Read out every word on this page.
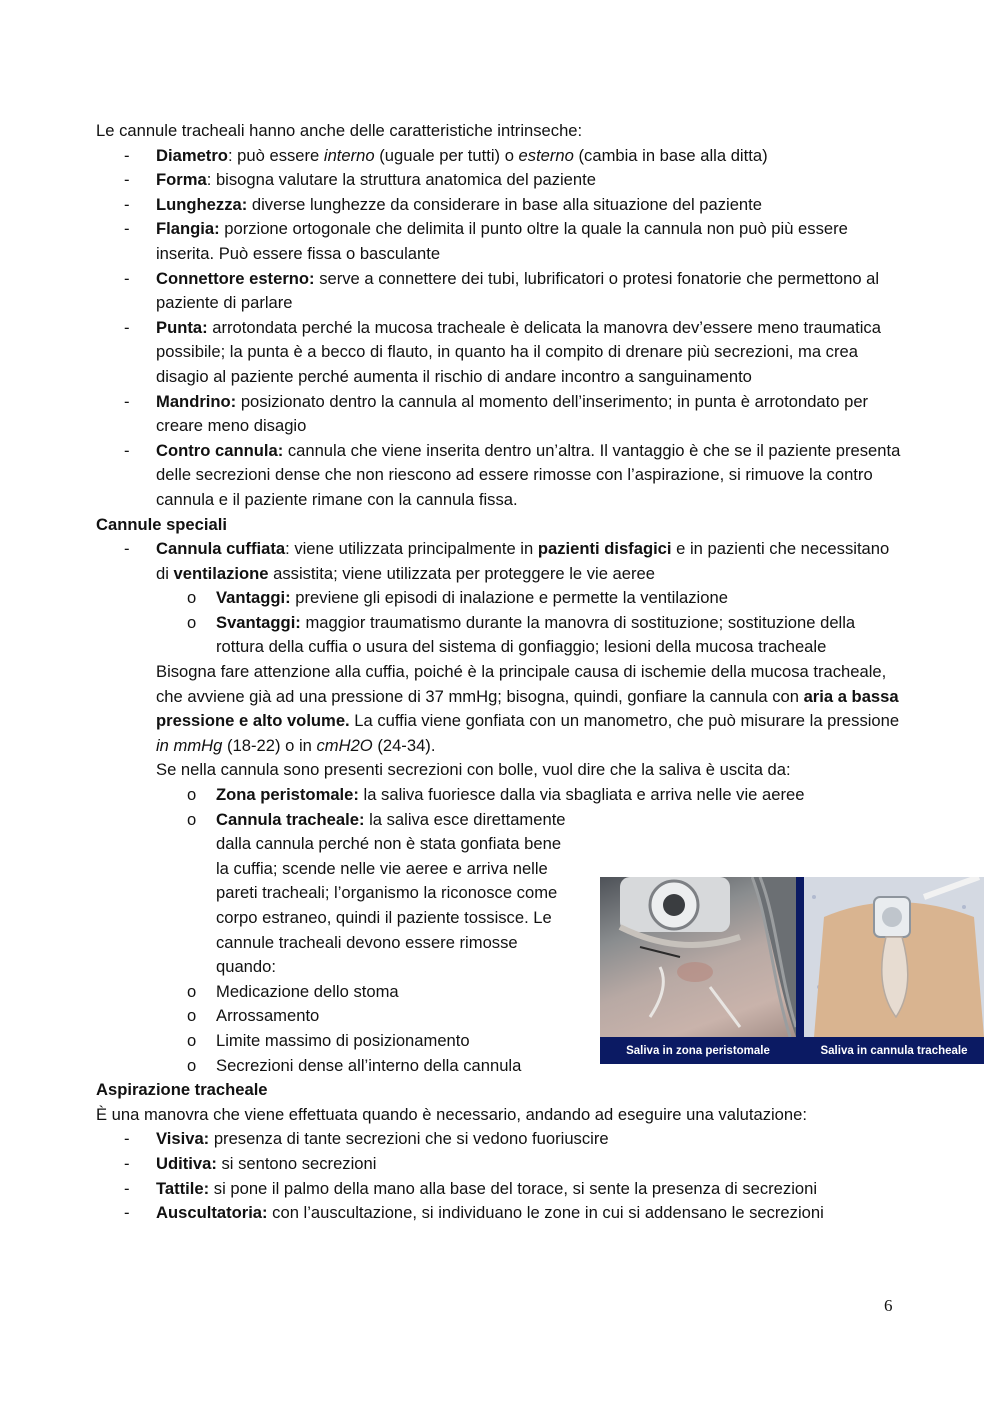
Le cannule tracheali hanno anche delle caratteristiche intrinseche:

- Diametro: può essere interno (uguale per tutti) o esterno (cambia in base alla ditta)
- Forma: bisogna valutare la struttura anatomica del paziente
- Lunghezza: diverse lunghezze da considerare in base alla situazione del paziente
- Flangia: porzione ortogonale che delimita il punto oltre la quale la cannula non può più essere inserita. Può essere fissa o basculante
- Connettore esterno: serve a connettere dei tubi, lubrificatori o protesi fonatorie che permettono al paziente di parlare
- Punta: arrotondata perché la mucosa tracheale è delicata la manovra dev’essere meno traumatica possibile; la punta è a becco di flauto, in quanto ha il compito di drenare più secrezioni, ma crea disagio al paziente perché aumenta il rischio di andare incontro a sanguinamento
- Mandrino: posizionato dentro la cannula al momento dell’inserimento; in punta è arrotondato per creare meno disagio
- Contro cannula: cannula che viene inserita dentro un’altra. Il vantaggio è che se il paziente presenta delle secrezioni dense che non riescono ad essere rimosse con l’aspirazione, si rimuove la contro cannula e il paziente rimane con la cannula fissa.

Cannule speciali

- Cannula cuffiata: viene utilizzata principalmente in pazienti disfagici e in pazienti che necessitano di ventilazione assistita; viene utilizzata per proteggere le vie aeree
o Vantaggi: previene gli episodi di inalazione e permette la ventilazione
o Svantaggi: maggior traumatismo durante la manovra di sostituzione; sostituzione della rottura della cuffia o usura del sistema di gonfiaggio; lesioni della mucosa tracheale

Bisogna fare attenzione alla cuffia, poiché è la principale causa di ischemie della mucosa tracheale, che avviene già ad una pressione di 37 mmHg; bisogna, quindi, gonfiare la cannula con aria a bassa pressione e alto volume. La cuffia viene gonfiata con un manometro, che può misurare la pressione in mmHg (18-22) o in cmH2O (24-34).

Se nella cannula sono presenti secrezioni con bolle, vuol dire che la saliva è uscita da:

o Zona peristomale: la saliva fuoriesce dalla via sbagliata e arriva nelle vie aeree
o Cannula tracheale: la saliva esce direttamente dalla cannula perché non è stata gonfiata bene la cuffia; scende nelle vie aeree e arriva nelle pareti tracheali; l’organismo la riconosce come corpo estraneo, quindi il paziente tossisce. Le cannule tracheali devono essere rimosse quando:
o Medicazione dello stoma
o Arrossamento
o Limite massimo di posizionamento
o Secrezioni dense all’interno della cannula

Aspirazione tracheale

È una manovra che viene effettuata quando è necessario, andando ad eseguire una valutazione:

- Visiva: presenza di tante secrezioni che si vedono fuoriuscire
- Uditiva: si sentono secrezioni
- Tattile: si pone il palmo della mano alla base del torace, si sente la presenza di secrezioni
- Auscultatoria: con l’auscultazione, si individuano le zone in cui si addensano le secrezioni
Saliva in zona peristomale	Saliva in cannula tracheale
6
